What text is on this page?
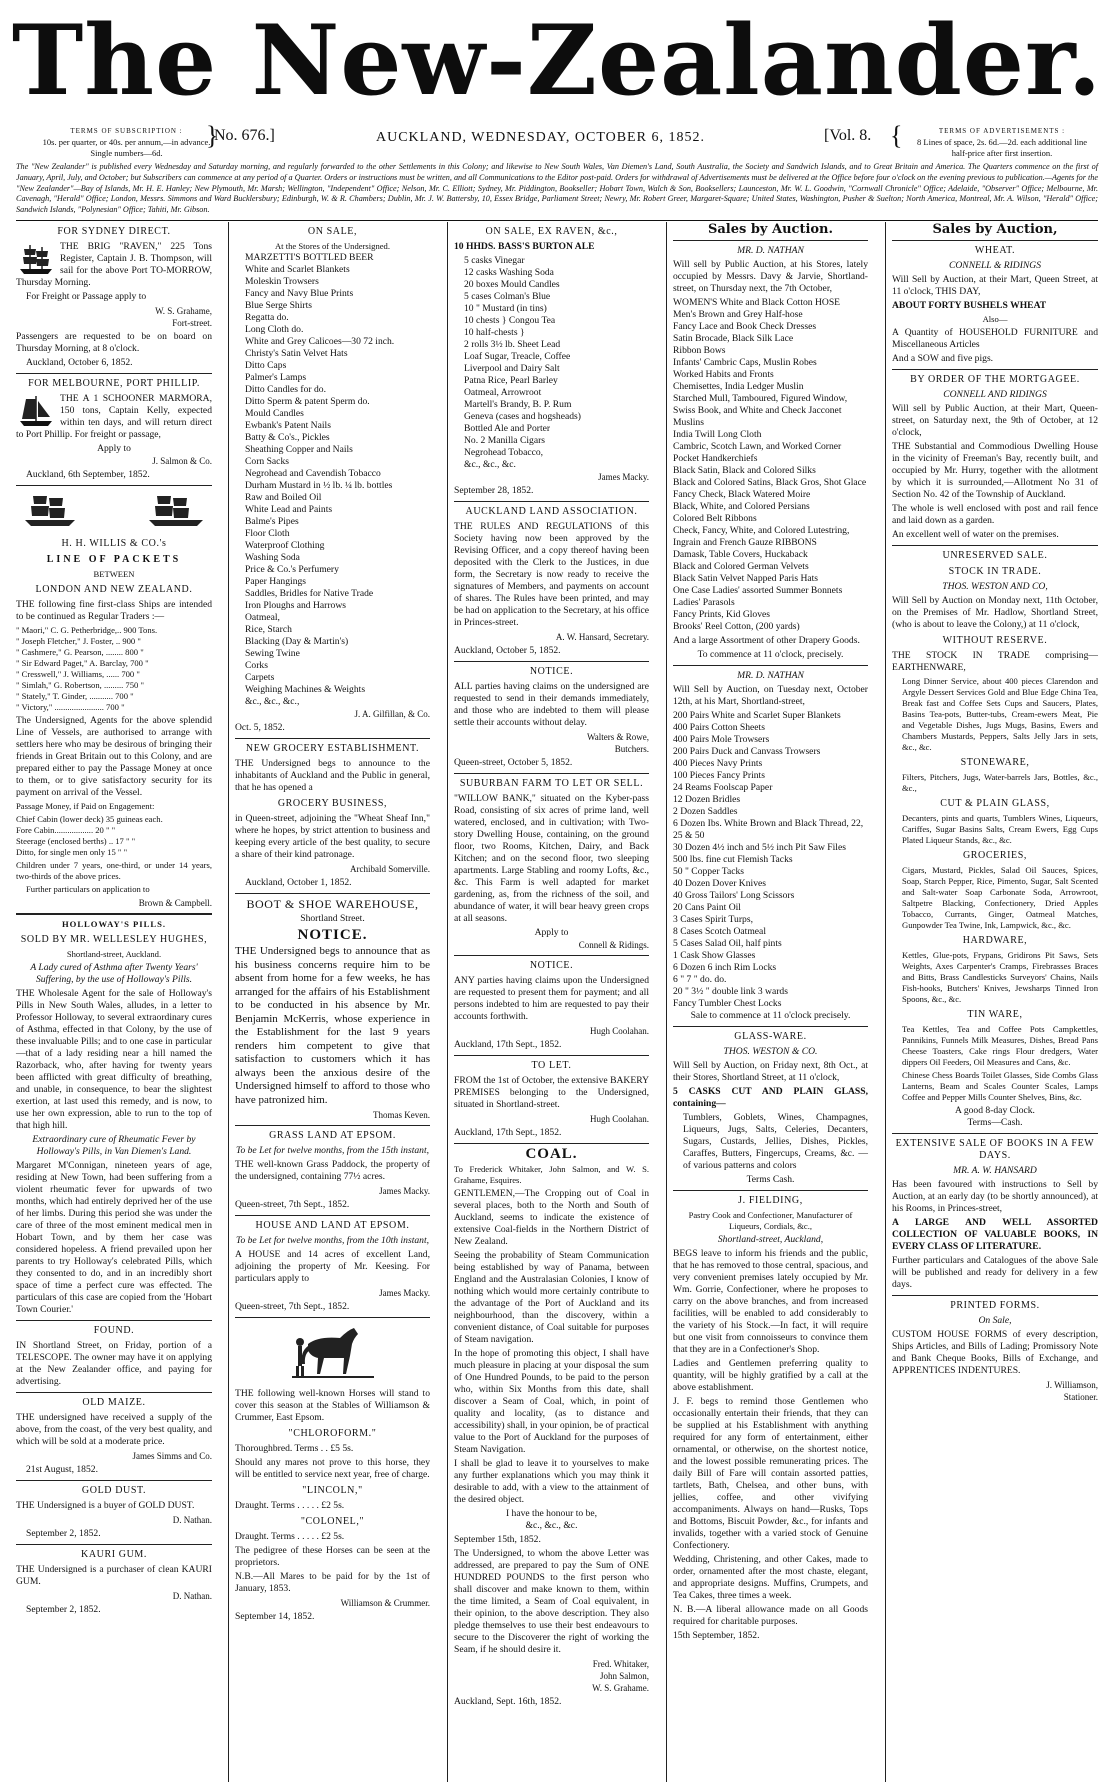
The New-Zealander.
TERMS OF SUBSCRIPTION :
10s. per quarter, or 40s. per annum,—in advance.
Single numbers—6d.
}
No. 676.]	AUCKLAND, WEDNESDAY, OCTOBER 6, 1852.	[Vol. 8. {	TERMS OF ADVERTISEMENTS :
8 Lines of space, 2s. 6d.—2d. each additional line
half-price after first insertion.
The "New Zealander" is published every Wednesday and Saturday morning, and regularly forwarded to the other Settlements in this Colony; and likewise to New South Wales, Van Diemen's Land, South Australia, the Society and Sandwich Islands, and to Great Britain and America. The Quarters commence on the first of January, April, July, and October; but Subscribers can commence at any period of a Quarter. Orders or instructions must be written, and all Communications to the Editor post-paid. Orders for withdrawal of Advertisements must be delivered at the Office before four o'clock on the evening previous to publication.—Agents for the "New Zealander"—Bay of Islands, Mr. H. E. Hanley; New Plymouth, Mr. Marsh; Wellington, "Independent" Office; Nelson, Mr. C. Elliott; Sydney, Mr. Piddington, Bookseller; Hobart Town, Walch & Son, Booksellers; Launceston, Mr. W. L. Goodwin, "Cornwall Chronicle" Office; Adelaide, "Observer" Office; Melbourne, Mr. Cavenagh, "Herald" Office; London, Messrs. Simmons and Ward Bucklersbury; Edinburgh, W. & R. Chambers; Dublin, Mr. J. W. Battersby, 10, Essex Bridge, Parliament Street; Newry, Mr. Robert Greer, Margaret-Square; United States, Washington, Pusher & Suelton; North America, Montreal, Mr. A. Wilson, "Herald" Office; Sandwich Islands, "Polynesian" Office; Tahiti, Mr. Gibson.
FOR SYDNEY DIRECT.
THE BRIG "RAVEN," 225 Tons Register, Captain J. B. Thompson, will sail for the above Port TO-MORROW, Thursday Morning.
For Freight or Passage apply to
W. S. Grahame,
Fort-street.
Passengers are requested to be on board on Thursday Morning, at 8 o'clock.
Auckland, October 6, 1852.
FOR MELBOURNE, PORT PHILLIP.
THE A 1 SCHOONER MARMORA, 150 tons, Captain Kelly, expected within ten days, and will return direct to Port Phillip. For freight or passage,
Apply to
J. Salmon & Co.
Auckland, 6th September, 1852.
H. H. WILLIS & CO.'s
LINE OF PACKETS
BETWEEN
LONDON AND NEW ZEALAND.
THE following fine first-class Ships are intended to be continued as Regular Traders :—
" Maori," C. G. Petherbridge,.. 900 Tons.
" Joseph Fletcher," J. Foster, .. 900 "
" Cashmere," G. Pearson, ........ 800 "
" Sir Edward Paget," A. Barclay, 700 "
" Cresswell," J. Williams, ...... 700 "
" Simlah," G. Robertson, ......... 750 "
" Stately," T. Ginder, ........... 700 "
" Victory," ....................... 700 "
The Undersigned, Agents for the above splendid Line of Vessels, are authorised to arrange with settlers here who may be desirous of bringing their friends in Great Britain out to this Colony, and are prepared either to pay the Passage Money at once to them, or to give satisfactory security for its payment on arrival of the Vessel.
Passage Money, if Paid on Engagement:
Chief Cabin (lower deck) 35 guineas each.
Fore Cabin.................. 20 " "
Steerage (enclosed berths) .. 17 " "
Ditto, for single men only 15 " "
Children under 7 years, one-third, or under 14 years, two-thirds of the above prices.
Further particulars on application to
Brown & Campbell.
HOLLOWAY'S PILLS.
SOLD BY MR. WELLESLEY HUGHES,
Shortland-street, Auckland.
A Lady cured of Asthma after Twenty Years' Suffering, by the use of Holloway's Pills.
THE Wholesale Agent for the sale of Holloway's Pills in New South Wales, alludes, in a letter to Professor Holloway, to several extraordinary cures of Asthma, effected in that Colony, by the use of these invaluable Pills; and to one case in particular—that of a lady residing near a hill named the Razorback, who, after having for twenty years been afflicted with great difficulty of breathing, and unable, in consequence, to bear the slightest exertion, at last used this remedy, and is now, to use her own expression, able to run to the top of that high hill.
Extraordinary cure of Rheumatic Fever by Holloway's Pills, in Van Diemen's Land.
Margaret M'Connigan, nineteen years of age, residing at New Town, had been suffering from a violent rheumatic fever for upwards of two months, which had entirely deprived her of the use of her limbs. During this period she was under the care of three of the most eminent medical men in Hobart Town, and by them her case was considered hopeless. A friend prevailed upon her parents to try Holloway's celebrated Pills, which they consented to do, and in an incredibly short space of time a perfect cure was effected. The particulars of this case are copied from the 'Hobart Town Courier.'
FOUND.
IN Shortland Street, on Friday, portion of a TELESCOPE. The owner may have it on applying at the New Zealander office, and paying for advertising.
OLD MAIZE.
THE undersigned have received a supply of the above, from the coast, of the very best quality, and which will be sold at a moderate price.
James Simms and Co.
21st August, 1852.
GOLD DUST.
THE Undersigned is a buyer of GOLD DUST.
D. Nathan.
September 2, 1852.
KAURI GUM.
THE Undersigned is a purchaser of clean KAURI GUM.
D. Nathan.
September 2, 1852.
ON SALE,
At the Stores of the Undersigned.
MARZETTI'S BOTTLED BEER
White and Scarlet Blankets
Moleskin Trowsers
Fancy and Navy Blue Prints
Blue Serge Shirts
Regatta do.
Long Cloth do.
White and Grey Calicoes—30 72 inch.
Christy's Satin Velvet Hats
Ditto Caps
Palmer's Lamps
Ditto Candles for do.
Ditto Sperm & patent Sperm do.
Mould Candles
Ewbank's Patent Nails
Batty & Co's., Pickles
Sheathing Copper and Nails
Corn Sacks
Negrohead and Cavendish Tobacco
Durham Mustard in ½ lb. ¼ lb. bottles
Raw and Boiled Oil
White Lead and Paints
Balme's Pipes
Floor Cloth
Waterproof Clothing
Washing Soda
Price & Co.'s Perfumery
Paper Hangings
Saddles, Bridles for Native Trade
Iron Ploughs and Harrows
Oatmeal,
Rice, Starch
Blacking (Day & Martin's)
Sewing Twine
Corks
Carpets
Weighing Machines & Weights
&c., &c., &c.,
J. A. Gilfillan, & Co.
Oct. 5, 1852.
NEW GROCERY ESTABLISHMENT.
THE Undersigned begs to announce to the inhabitants of Auckland and the Public in general, that he has opened a
GROCERY BUSINESS,
in Queen-street, adjoining the "Wheat Sheaf Inn," where he hopes, by strict attention to business and keeping every article of the best quality, to secure a share of their kind patronage.
Archibald Somerville.
Auckland, October 1, 1852.
BOOT & SHOE WAREHOUSE,
Shortland Street.
NOTICE.
THE Undersigned begs to announce that as his business concerns require him to be absent from home for a few weeks, he has arranged for the affairs of his Establishment to be conducted in his absence by Mr. Benjamin McKerris, whose experience in the Establishment for the last 9 years renders him competent to give that satisfaction to customers which it has always been the anxious desire of the Undersigned himself to afford to those who have patronized him.
Thomas Keven.
GRASS LAND AT EPSOM.
To be Let for twelve months, from the 15th instant,
THE well-known Grass Paddock, the property of the undersigned, containing 77½ acres.
James Macky.
Queen-street, 7th Sept., 1852.
HOUSE AND LAND AT EPSOM.
To be Let for twelve months, from the 10th instant,
A HOUSE and 14 acres of excellent Land, adjoining the property of Mr. Keesing. For particulars apply to
James Macky.
Queen-street, 7th Sept., 1852.
THE following well-known Horses will stand to cover this season at the Stables of Williamson & Crummer, East Epsom.
"CHLOROFORM."
Thoroughbred. Terms . . £5 5s.
Should any mares not prove to this horse, they will be entitled to service next year, free of charge.
"LINCOLN,"
Draught. Terms . . . . . £2 5s.
"COLONEL,"
Draught. Terms . . . . . £2 5s.
The pedigree of these Horses can be seen at the proprietors.
N.B.—All Mares to be paid for by the 1st of January, 1853.
Williamson & Crummer.
September 14, 1852.
ON SALE, EX RAVEN, &c.,
10 HHDS. BASS'S BURTON ALE
5 casks Vinegar
12 casks Washing Soda
20 boxes Mould Candles
5 cases Colman's Blue
10 " Mustard (in tins)
10 chests } Congou Tea
10 half-chests }
2 rolls 3½ lb. Sheet Lead
Loaf Sugar, Treacle, Coffee
Liverpool and Dairy Salt
Patna Rice, Pearl Barley
Oatmeal, Arrowroot
Martell's Brandy, B. P. Rum
Geneva (cases and hogsheads)
Bottled Ale and Porter
No. 2 Manilla Cigars
Negrohead Tobacco,
&c., &c., &c.
James Macky.
September 28, 1852.
AUCKLAND LAND ASSOCIATION.
THE RULES AND REGULATIONS of this Society having now been approved by the Revising Officer, and a copy thereof having been deposited with the Clerk to the Justices, in due form, the Secretary is now ready to receive the signatures of Members, and payments on account of shares. The Rules have been printed, and may be had on application to the Secretary, at his office in Princes-street.
A. W. Hansard, Secretary.
Auckland, October 5, 1852.
NOTICE.
ALL parties having claims on the undersigned are requested to send in their demands immediately, and those who are indebted to them will please settle their accounts without delay.
Walters & Rowe,
Butchers.
Queen-street, October 5, 1852.
SUBURBAN FARM TO LET OR SELL.
"WILLOW BANK," situated on the Kyber-pass Road, consisting of six acres of prime land, well watered, enclosed, and in cultivation; with Two-story Dwelling House, containing, on the ground floor, two Rooms, Kitchen, Dairy, and Back Kitchen; and on the second floor, two sleeping apartments. Large Stabling and roomy Lofts, &c., &c. This Farm is well adapted for market gardening, as, from the richness of the soil, and abundance of water, it will bear heavy green crops at all seasons.
Apply to
Connell & Ridings.
NOTICE.
ANY parties having claims upon the Undersigned are requested to present them for payment; and all persons indebted to him are requested to pay their accounts forthwith.
Hugh Coolahan.
Auckland, 17th Sept., 1852.
TO LET.
FROM the 1st of October, the extensive BAKERY PREMISES belonging to the Undersigned, situated in Shortland-street.
Hugh Coolahan.
Auckland, 17th Sept., 1852.
COAL.
To Frederick Whitaker, John Salmon, and W. S. Grahame, Esquires.
GENTLEMEN,—The Cropping out of Coal in several places, both to the North and South of Auckland, seems to indicate the existence of extensive Coal-fields in the Northern District of New Zealand.
Seeing the probability of Steam Communication being established by way of Panama, between England and the Australasian Colonies, I know of nothing which would more certainly contribute to the advantage of the Port of Auckland and its neighbourhood, than the discovery, within a convenient distance, of Coal suitable for purposes of Steam navigation.
In the hope of promoting this object, I shall have much pleasure in placing at your disposal the sum of One Hundred Pounds, to be paid to the person who, within Six Months from this date, shall discover a Seam of Coal, which, in point of quality and locality, (as to distance and accessibility) shall, in your opinion, be of practical value to the Port of Auckland for the purposes of Steam Navigation.
I shall be glad to leave it to yourselves to make any further explanations which you may think it desirable to add, with a view to the attainment of the desired object.
I have the honour to be,
&c., &c., &c.
September 15th, 1852.
The Undersigned, to whom the above Letter was addressed, are prepared to pay the Sum of ONE HUNDRED POUNDS to the first person who shall discover and make known to them, within the time limited, a Seam of Coal equivalent, in their opinion, to the above description. They also pledge themselves to use their best endeavours to secure to the Discoverer the right of working the Seam, if he should desire it.
Fred. Whitaker,
John Salmon,
W. S. Grahame.
Auckland, Sept. 16th, 1852.
Sales by Auction.
MR. D. NATHAN
Will sell by Public Auction, at his Stores, lately occupied by Messrs. Davy & Jarvie, Shortland-street, on Thursday next, the 7th October,
WOMEN'S White and Black Cotton HOSE
Men's Brown and Grey Half-hose
Fancy Lace and Book Check Dresses
Satin Brocade, Black Silk Lace
Ribbon Bows
Infants' Cambric Caps, Muslin Robes
Worked Habits and Fronts
Chemisettes, India Ledger Muslin
Starched Mull, Tamboured, Figured Window, Swiss Book, and White and Check Jacconet Muslins
India Twill Long Cloth
Cambric, Scotch Lawn, and Worked Corner Pocket Handkerchiefs
Black Satin, Black and Colored Silks
Black and Colored Satins, Black Gros, Shot Glace
Fancy Check, Black Watered Moire
Black, White, and Colored Persians
Colored Belt Ribbons
Check, Fancy, White, and Colored Lutestring, Ingrain and French Gauze RIBBONS
Damask, Table Covers, Huckaback
Black and Colored German Velvets
Black Satin Velvet Napped Paris Hats
One Case Ladies' assorted Summer Bonnets
Ladies' Parasols
Fancy Prints, Kid Gloves
Brooks' Reel Cotton, (200 yards)
And a large Assortment of other Drapery Goods.
To commence at 11 o'clock, precisely.
MR. D. NATHAN
Will Sell by Auction, on Tuesday next, October 12th, at his Mart, Shortland-street,
200 Pairs White and Scarlet Super Blankets
400 Pairs Cotton Sheets
400 Pairs Mole Trowsers
200 Pairs Duck and Canvass Trowsers
400 Pieces Navy Prints
100 Pieces Fancy Prints
24 Reams Foolscap Paper
12 Dozen Bridles
2 Dozen Saddles
6 Dozen Ibs. White Brown and Black Thread, 22, 25 & 50
30 Dozen 4½ inch and 5½ inch Pit Saw Files
500 lbs. fine cut Flemish Tacks
50 " Copper Tacks
40 Dozen Dover Knives
40 Gross Tailors' Long Scissors
20 Cans Paint Oil
3 Cases Spirit Turps,
8 Cases Scotch Oatmeal
5 Cases Salad Oil, half pints
1 Cask Show Glasses
6 Dozen 6 inch Rim Locks
6 " 7 " do. do.
20 " 3½ " double link 3 wards
Fancy Tumbler Chest Locks
Sale to commence at 11 o'clock precisely.
GLASS-WARE.
THOS. WESTON & CO.
Will Sell by Auction, on Friday next, 8th Oct., at their Stores, Shortland Street, at 11 o'clock,
5 CASKS CUT AND PLAIN GLASS, containing—
Tumblers, Goblets, Wines, Champagnes, Liqueurs, Jugs, Salts, Celeries, Decanters, Sugars, Custards, Jellies, Dishes, Pickles, Caraffes, Butters, Fingercups, Creams, &c. — of various patterns and colors
Terms Cash.
J. FIELDING,
Pastry Cook and Confectioner, Manufacturer of Liqueurs, Cordials, &c.,
Shortland-street, Auckland,
BEGS leave to inform his friends and the public, that he has removed to those central, spacious, and very convenient premises lately occupied by Mr. Wm. Gorrie, Confectioner, where he proposes to carry on the above branches, and from increased facilities, will be enabled to add considerably to the variety of his Stock.—In fact, it will require but one visit from connoisseurs to convince them that they are in a Confectioner's Shop.
Ladies and Gentlemen preferring quality to quantity, will be highly gratified by a call at the above establishment.
J. F. begs to remind those Gentlemen who occasionally entertain their friends, that they can be supplied at his Establishment with anything required for any form of entertainment, either ornamental, or otherwise, on the shortest notice, and the lowest possible remunerating prices. The daily Bill of Fare will contain assorted patties, tartlets, Bath, Chelsea, and other buns, with jellies, coffee, and other vivifying accompaniments. Always on hand—Rusks, Tops and Bottoms, Biscuit Powder, &c., for infants and invalids, together with a varied stock of Genuine Confectionery.
Wedding, Christening, and other Cakes, made to order, ornamented after the most chaste, elegant, and appropriate designs. Muffins, Crumpets, and Tea Cakes, three times a week.
N. B.—A liberal allowance made on all Goods required for charitable purposes.
15th September, 1852.
Sales by Auction,
WHEAT.
CONNELL & RIDINGS
Will Sell by Auction, at their Mart, Queen Street, at 11 o'clock, THIS DAY,
ABOUT FORTY BUSHELS WHEAT
Also—
A Quantity of HOUSEHOLD FURNITURE and Miscellaneous Articles
And a SOW and five pigs.
BY ORDER OF THE MORTGAGEE.
CONNELL AND RIDINGS
Will sell by Public Auction, at their Mart, Queen-street, on Saturday next, the 9th of October, at 12 o'clock,
THE Substantial and Commodious Dwelling House in the vicinity of Freeman's Bay, recently built, and occupied by Mr. Hurry, together with the allotment by which it is surrounded,—Allotment No 31 of Section No. 42 of the Township of Auckland.
The whole is well enclosed with post and rail fence and laid down as a garden.
An excellent well of water on the premises.
UNRESERVED SALE.
STOCK IN TRADE.
THOS. WESTON AND CO,
Will Sell by Auction on Monday next, 11th October, on the Premises of Mr. Hadlow, Shortland Street, (who is about to leave the Colony,) at 11 o'clock,
WITHOUT RESERVE.
THE STOCK IN TRADE comprising— EARTHENWARE,
Long Dinner Service, about 400 pieces Clarendon and Argyle Dessert Services Gold and Blue Edge China Tea, Break fast and Coffee Sets Cups and Saucers, Plates, Basins Tea-pots, Butter-tubs, Cream-ewers Meat, Pie and Vegetable Dishes, Jugs Mugs, Basins, Ewers and Chambers Mustards, Peppers, Salts Jelly Jars in sets, &c., &c.
STONEWARE,
Filters, Pitchers, Jugs, Water-barrels Jars, Bottles, &c., &c.,
CUT & PLAIN GLASS,
Decanters, pints and quarts, Tumblers Wines, Liqueurs, Cariffes, Sugar Basins Salts, Cream Ewers, Egg Cups Plated Liqueur Stands, &c., &c.
GROCERIES,
Cigars, Mustard, Pickles, Salad Oil Sauces, Spices, Soap, Starch Pepper, Rice, Pimento, Sugar, Salt Scented and Salt-water Soap Carbonate Soda, Arrowroot, Saltpetre Blacking, Confectionery, Dried Apples Tobacco, Currants, Ginger, Oatmeal Matches, Gunpowder Tea Twine, Ink, Lampwick, &c., &c.
HARDWARE,
Kettles, Glue-pots, Frypans, Gridirons Pit Saws, Sets Weights, Axes Carpenter's Cramps, Firebrasses Braces and Bitts, Brass Candlesticks Surveyors' Chains, Nails Fish-hooks, Butchers' Knives, Jewsharps Tinned Iron Spoons, &c., &c.
TIN WARE,
Tea Kettles, Tea and Coffee Pots Campkettles, Pannikins, Funnels Milk Measures, Dishes, Bread Pans Cheese Toasters, Cake rings Flour dredgers, Water dippers Oil Feeders, Oil Measures and Cans, &c.
Chinese Chess Boards Toilet Glasses, Side Combs Glass Lanterns, Beam and Scales Counter Scales, Lamps Coffee and Pepper Mills Counter Shelves, Bins, &c.
A good 8-day Clock.
Terms—Cash.
EXTENSIVE SALE OF BOOKS IN A FEW DAYS.
MR. A. W. HANSARD
Has been favoured with instructions to Sell by Auction, at an early day (to be shortly announced), at his Rooms, in Princes-street,
A LARGE AND WELL ASSORTED COLLECTION OF VALUABLE BOOKS, IN EVERY CLASS OF LITERATURE.
Further particulars and Catalogues of the above Sale will be published and ready for delivery in a few days.
PRINTED FORMS.
On Sale,
CUSTOM HOUSE FORMS of every description, Ships Articles, and Bills of Lading; Promissory Note and Bank Cheque Books, Bills of Exchange, and APPRENTICES INDENTURES.
J. Williamson,
Stationer.
